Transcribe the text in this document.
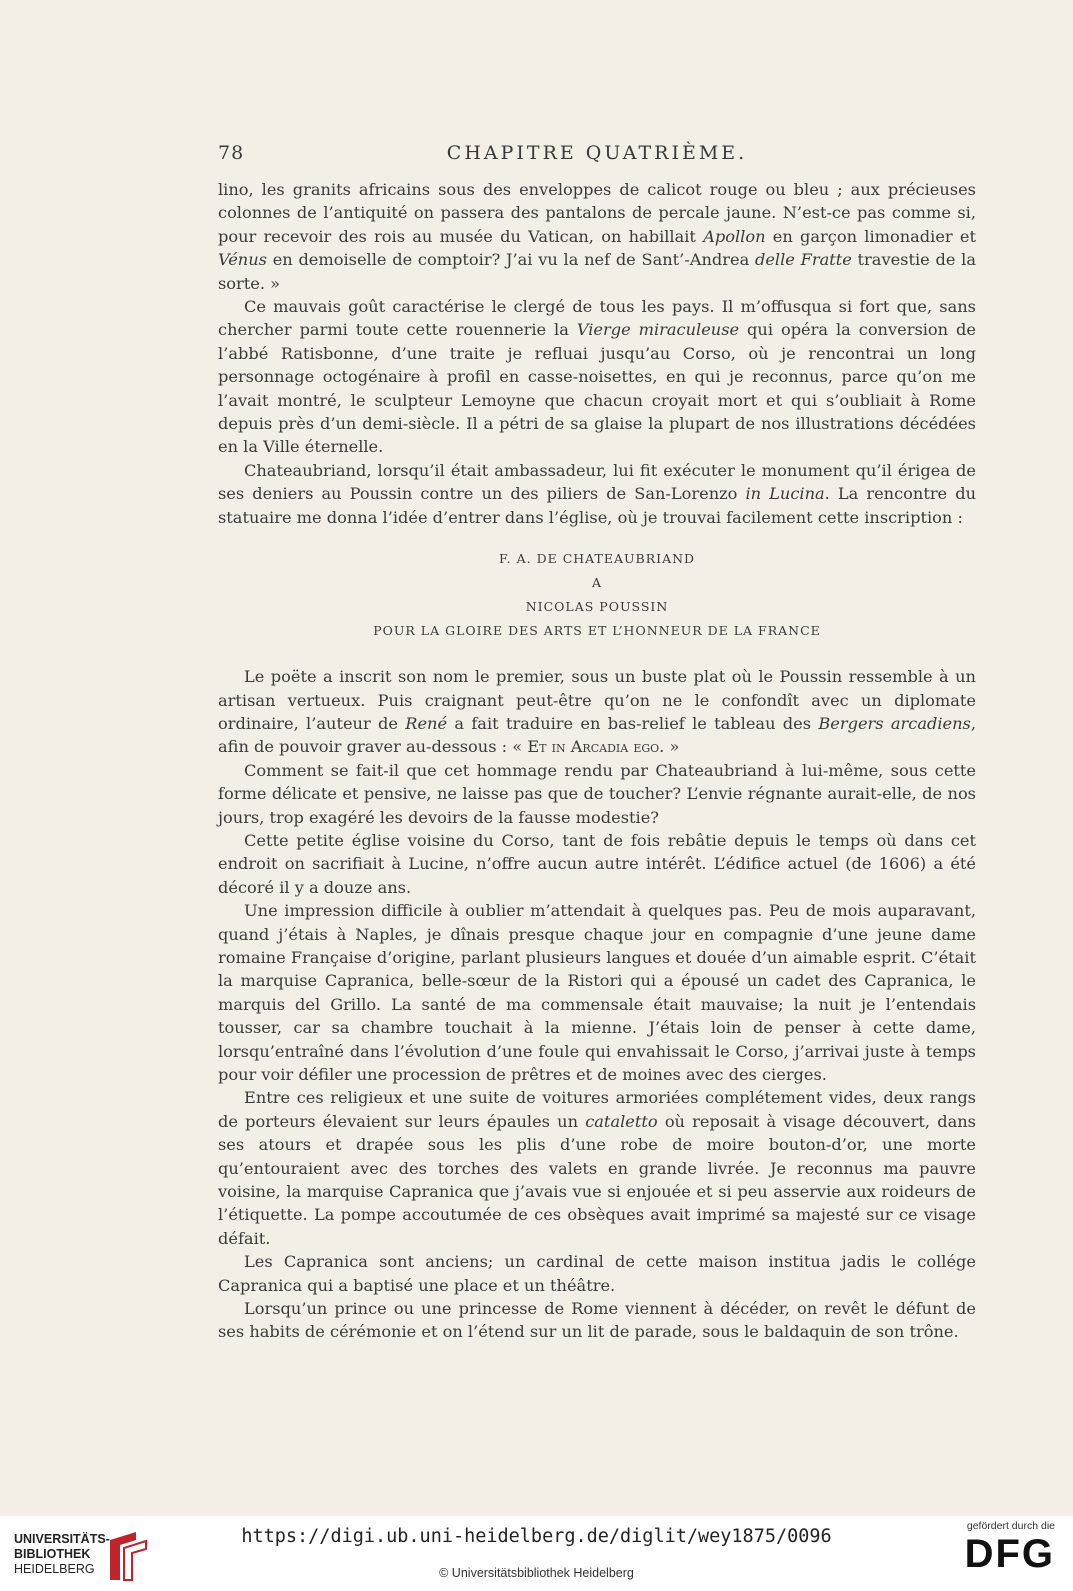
78	CHAPITRE QUATRIÈME.

lino, les granits africains sous des enveloppes de calicot rouge ou bleu ; aux précieuses colonnes de l’antiquité on passera des pantalons de percale jaune. N’est-ce pas comme si, pour recevoir des rois au musée du Vatican, on habillait Apollon en garçon limonadier et Vénus en demoiselle de comptoir? J’ai vu la nef de Sant’-Andrea delle Fratte travestie de la sorte. »

Ce mauvais goût caractérise le clergé de tous les pays. Il m’offusqua si fort que, sans chercher parmi toute cette rouennerie la Vierge miraculeuse qui opéra la conversion de l’abbé Ratisbonne, d’une traite je refluai jusqu’au Corso, où je rencontrai un long personnage octogénaire à profil en casse-noisettes, en qui je reconnus, parce qu’on me l’avait montré, le sculpteur Lemoyne que chacun croyait mort et qui s’oubliait à Rome depuis près d’un demi-siècle. Il a pétri de sa glaise la plupart de nos illustrations décédées en la Ville éternelle.

Chateaubriand, lorsqu’il était ambassadeur, lui fit exécuter le monument qu’il érigea de ses deniers au Poussin contre un des piliers de San-Lorenzo in Lucina. La rencontre du statuaire me donna l’idée d’entrer dans l’église, où je trouvai facilement cette inscription :

F. A. DE CHATEAUBRIAND
A
NICOLAS POUSSIN
POUR LA GLOIRE DES ARTS ET L’HONNEUR DE LA FRANCE

Le poëte a inscrit son nom le premier, sous un buste plat où le Poussin ressemble à un artisan vertueux. Puis craignant peut-être qu’on ne le confondît avec un diplomate ordinaire, l’auteur de René a fait traduire en bas-relief le tableau des Bergers arcadiens, afin de pouvoir graver au-dessous : « Et in Arcadia ego. »

Comment se fait-il que cet hommage rendu par Chateaubriand à lui-même, sous cette forme délicate et pensive, ne laisse pas que de toucher? L’envie régnante aurait-elle, de nos jours, trop exagéré les devoirs de la fausse modestie?

Cette petite église voisine du Corso, tant de fois rebâtie depuis le temps où dans cet endroit on sacrifiait à Lucine, n’offre aucun autre intérêt. L’édifice actuel (de 1606) a été décoré il y a douze ans.

Une impression difficile à oublier m’attendait à quelques pas. Peu de mois auparavant, quand j’étais à Naples, je dînais presque chaque jour en compagnie d’une jeune dame romaine Française d’origine, parlant plusieurs langues et douée d’un aimable esprit. C’était la marquise Capranica, belle-sœur de la Ristori qui a épousé un cadet des Capranica, le marquis del Grillo. La santé de ma commensale était mauvaise; la nuit je l’entendais tousser, car sa chambre touchait à la mienne. J’étais loin de penser à cette dame, lorsqu’entraîné dans l’évolution d’une foule qui envahissait le Corso, j’arrivai juste à temps pour voir défiler une procession de prêtres et de moines avec des cierges.

Entre ces religieux et une suite de voitures armoriées complétement vides, deux rangs de porteurs élevaient sur leurs épaules un cataletto où reposait à visage découvert, dans ses atours et drapée sous les plis d’une robe de moire bouton-d’or, une morte qu’entouraient avec des torches des valets en grande livrée. Je reconnus ma pauvre voisine, la marquise Capranica que j’avais vue si enjouée et si peu asservie aux roideurs de l’étiquette. La pompe accoutumée de ces obsèques avait imprimé sa majesté sur ce visage défait.

Les Capranica sont anciens; un cardinal de cette maison institua jadis le collége Capranica qui a baptisé une place et un théâtre.

Lorsqu’un prince ou une princesse de Rome viennent à décéder, on revêt le défunt de ses habits de cérémonie et on l’étend sur un lit de parade, sous le baldaquin de son trône.

UNIVERSITÄTS-
BIBLIOTHEK
HEIDELBERG
https://digi.ub.uni-heidelberg.de/diglit/wey1875/0096
© Universitätsbibliothek Heidelberg
gefördert durch die
DFG
